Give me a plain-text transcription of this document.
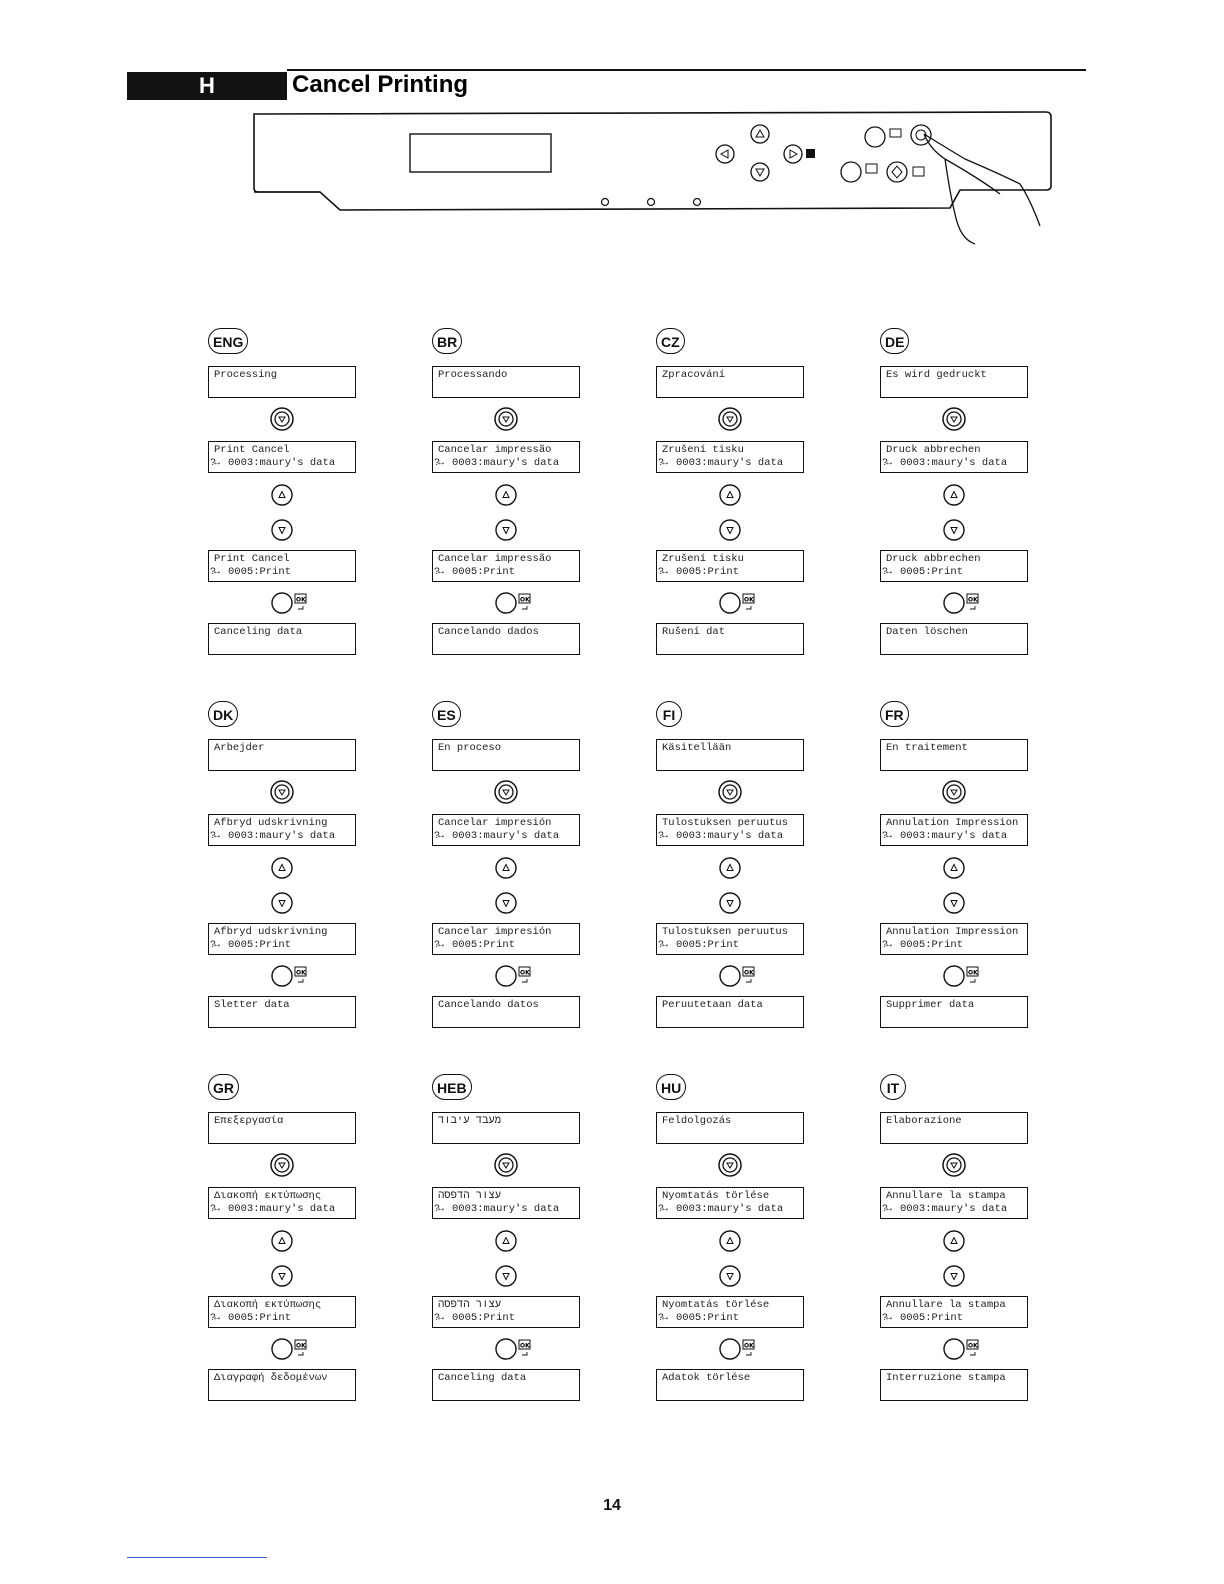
H	Cancel Printing
ENG
Processing
Print Cancel
?↔ 0003:maury's data
Print Cancel
?↔ 0005:Print
OK
Canceling data
BR
Processando
Cancelar impressão
?↔ 0003:maury's data
Cancelar impressão
?↔ 0005:Print
OK
Cancelando dados
CZ
Zpracování
Zrušení tisku
?↔ 0003:maury's data
Zrušení tisku
?↔ 0005:Print
OK
Rušení dat
DE
Es wird gedruckt
Druck abbrechen
?↔ 0003:maury's data
Druck abbrechen
?↔ 0005:Print
OK
Daten löschen
DK
Arbejder
Afbryd udskrivning
?↔ 0003:maury's data
Afbryd udskrivning
?↔ 0005:Print
OK
Sletter data
ES
En proceso
Cancelar impresión
?↔ 0003:maury's data
Cancelar impresión
?↔ 0005:Print
OK
Cancelando datos
FI
Käsitellään
Tulostuksen peruutus
?↔ 0003:maury's data
Tulostuksen peruutus
?↔ 0005:Print
OK
Peruutetaan data
FR
En traitement
Annulation Impression
?↔ 0003:maury's data
Annulation Impression
?↔ 0005:Print
OK
Supprimer data
GR
Επεξεργασία
Διακοπή εκτύπωσης
?↔ 0003:maury's data
Διακοπή εκτύπωσης
?↔ 0005:Print
OK
Διαγραφή δεδομένων
HEB
מעבד עיבוד
עצור הדפסה
?↔ 0003:maury's data
עצור הדפסה
?↔ 0005:Print
OK
Canceling data
HU
Feldolgozás
Nyomtatás törlése
?↔ 0003:maury's data
Nyomtatás törlése
?↔ 0005:Print
OK
Adatok törlése
IT
Elaborazione
Annullare la stampa
?↔ 0003:maury's data
Annullare la stampa
?↔ 0005:Print
OK
Interruzione stampa
14
